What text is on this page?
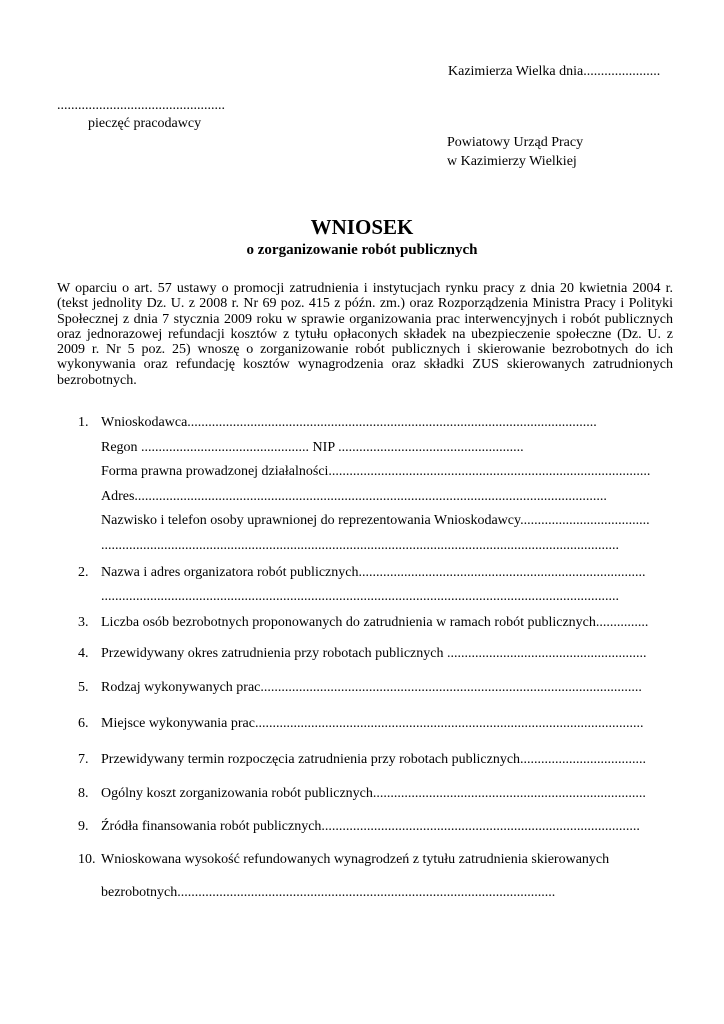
Kazimierza Wielka dnia......................
................................................
pieczęć pracodawcy
Powiatowy Urząd Pracy
w Kazimierzy Wielkiej
WNIOSEK
o zorganizowanie robót publicznych
W oparciu o art. 57 ustawy o promocji zatrudnienia i instytucjach rynku pracy z dnia 20 kwietnia 2004 r. (tekst jednolity Dz. U. z 2008 r. Nr 69 poz. 415 z późn. zm.) oraz Rozporządzenia Ministra Pracy i Polityki Społecznej z dnia 7 stycznia 2009 roku w sprawie organizowania prac interwencyjnych i robót publicznych oraz jednorazowej refundacji kosztów z tytułu opłaconych składek na ubezpieczenie społeczne (Dz. U. z 2009 r. Nr 5 poz. 25) wnoszę o zorganizowanie robót publicznych i skierowanie bezrobotnych do ich wykonywania oraz refundację kosztów wynagrodzenia oraz składki ZUS skierowanych zatrudnionych bezrobotnych.
1. Wnioskodawca.....................................................................................................................
Regon ................................................ NIP .....................................................
Forma prawna prowadzonej działalności............................................................................................
Adres.......................................................................................................................................
Nazwisko i telefon osoby uprawnionej do reprezentowania Wnioskodawcy.....................................
....................................................................................................................................................
2. Nazwa i adres organizatora robót publicznych..................................................................................
....................................................................................................................................................
3. Liczba osób bezrobotnych proponowanych do zatrudnienia w ramach robót publicznych...............
4. Przewidywany okres zatrudnienia przy robotach publicznych .........................................................
5. Rodzaj wykonywanych prac.............................................................................................................
6. Miejsce wykonywania prac...............................................................................................................
7. Przewidywany termin rozpoczęcia zatrudnienia przy robotach publicznych....................................
8. Ogólny koszt zorganizowania robót publicznych..............................................................................
9. Źródła finansowania robót publicznych...........................................................................................
10. Wnioskowana wysokość refundowanych wynagrodzeń z tytułu zatrudnienia skierowanych
bezrobotnych............................................................................................................
